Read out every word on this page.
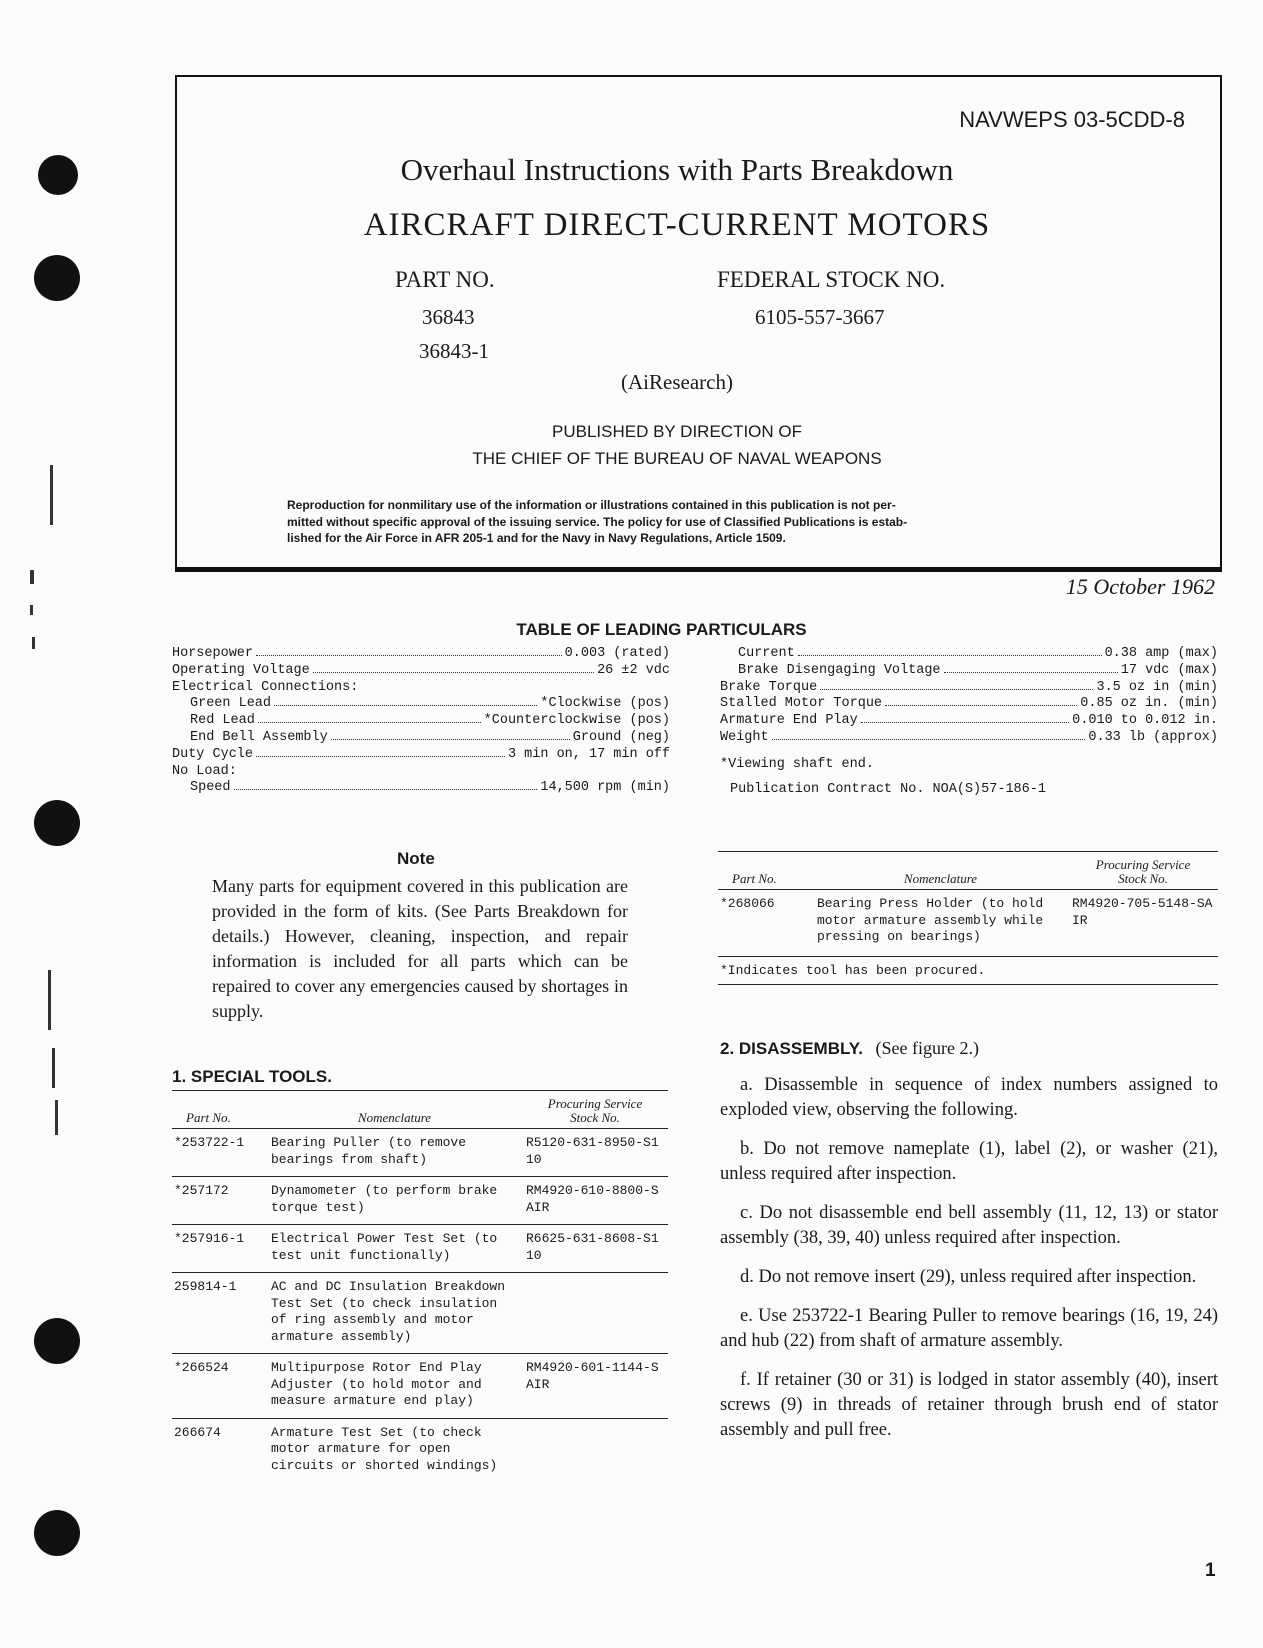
NAVWEPS 03-5CDD-8
Overhaul Instructions with Parts Breakdown
AIRCRAFT DIRECT-CURRENT MOTORS
PART NO.
36843
36843-1
FEDERAL STOCK NO.
6105-557-3667
(AiResearch)
PUBLISHED BY DIRECTION OF
THE CHIEF OF THE BUREAU OF NAVAL WEAPONS
Reproduction for nonmilitary use of the information or illustrations contained in this publication is not per-
mitted without specific approval of the issuing service. The policy for use of Classified Publications is estab-
lished for the Air Force in AFR 205-1 and for the Navy in Navy Regulations, Article 1509.
15 October 1962
TABLE OF LEADING PARTICULARS
Horsepower	0.003 (rated)
Operating Voltage	26 ±2 vdc
Electrical Connections:
Green Lead	*Clockwise (pos)
Red Lead	*Counterclockwise (pos)
End Bell Assembly	Ground (neg)
Duty Cycle	3 min on, 17 min off
No Load:
Speed	14,500 rpm (min)
Current	0.38 amp (max)
Brake Disengaging Voltage	17 vdc (max)
Brake Torque	3.5 oz in (min)
Stalled Motor Torque	0.85 oz in. (min)
Armature End Play	0.010 to 0.012 in.
Weight	0.33 lb (approx)
*Viewing shaft end.
Publication Contract No. NOA(S)57-186-1
Note
Many parts for equipment covered in this publication are provided in the form of kits. (See Parts Breakdown for details.) However, cleaning, inspection, and repair information is included for all parts which can be repaired to cover any emergencies caused by shortages in supply.
1. SPECIAL TOOLS.
Part No.	Nomenclature	Procuring Service
Stock No.

*253722-1	Bearing Puller (to remove bearings from shaft)	R5120-631-8950-S110
*257172	Dynamometer (to perform brake torque test)	RM4920-610-8800-SAIR
*257916-1	Electrical Power Test Set (to test unit functionally)	R6625-631-8608-S110
259814-1	AC and DC Insulation Breakdown Test Set (to check insulation of ring assembly and motor armature assembly)	
*266524	Multipurpose Rotor End Play Adjuster (to hold motor and measure armature end play)	RM4920-601-1144-SAIR
266674	Armature Test Set (to check motor armature for open circuits or shorted windings)	
Part No.	Nomenclature	Procuring Service
Stock No.

*268066	Bearing Press Holder (to hold motor armature assembly while pressing on bearings)	RM4920-705-5148-SAIR
*Indicates tool has been procured.
2. DISASSEMBLY. (See figure 2.)
a. Disassemble in sequence of index numbers assigned to exploded view, observing the following.
b. Do not remove nameplate (1), label (2), or washer (21), unless required after inspection.
c. Do not disassemble end bell assembly (11, 12, 13) or stator assembly (38, 39, 40) unless required after inspection.
d. Do not remove insert (29), unless required after inspection.
e. Use 253722-1 Bearing Puller to remove bearings (16, 19, 24) and hub (22) from shaft of armature assembly.
f. If retainer (30 or 31) is lodged in stator assembly (40), insert screws (9) in threads of retainer through brush end of stator assembly and pull free.
1
